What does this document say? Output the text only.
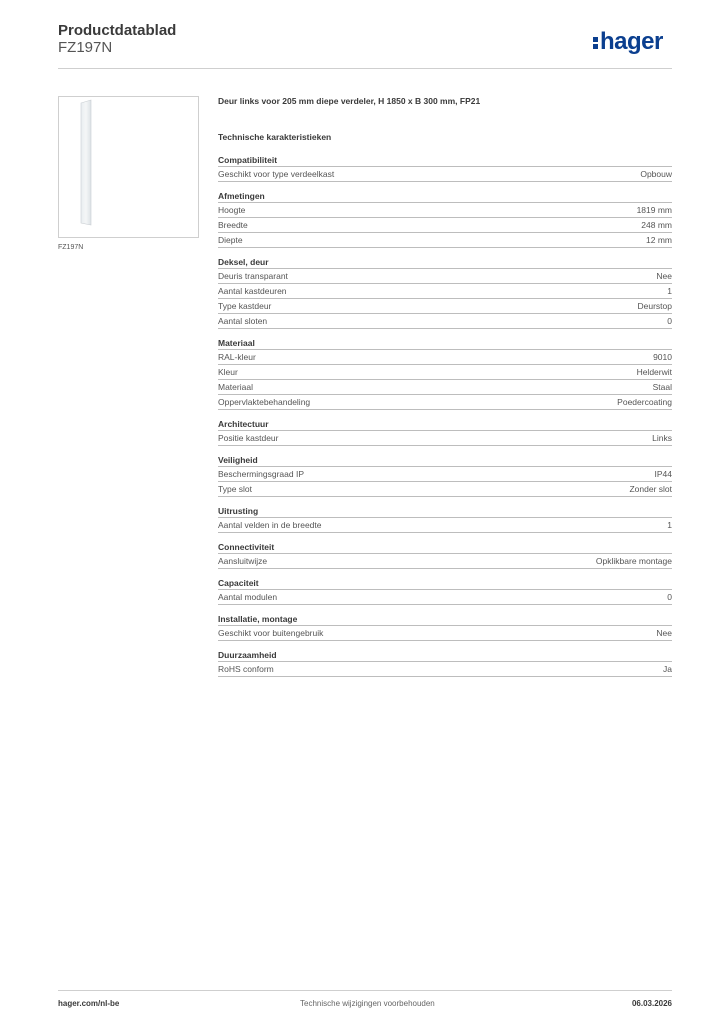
Productdatablad
FZ197N	hager
FZ197N
Deur links voor 205 mm diepe verdeler, H 1850 x B 300 mm, FP21
Technische karakteristieken
Compatibiliteit
Geschikt voor type verdeelkast	Opbouw
Afmetingen
Hoogte	1819 mm
Breedte	248 mm
Diepte	12 mm
Deksel, deur
Deuris transparant	Nee
Aantal kastdeuren	1
Type kastdeur	Deurstop
Aantal sloten	0
Materiaal
RAL-kleur	9010
Kleur	Helderwit
Materiaal	Staal
Oppervlaktebehandeling	Poedercoating
Architectuur
Positie kastdeur	Links
Veiligheid
Beschermingsgraad IP	IP44
Type slot	Zonder slot
Uitrusting
Aantal velden in de breedte	1
Connectiviteit
Aansluitwijze	Opklikbare montage
Capaciteit
Aantal modulen	0
Installatie, montage
Geschikt voor buitengebruik	Nee
Duurzaamheid
RoHS conform	Ja
hager.com/nl-be	Technische wijzigingen voorbehouden	06.03.2026
